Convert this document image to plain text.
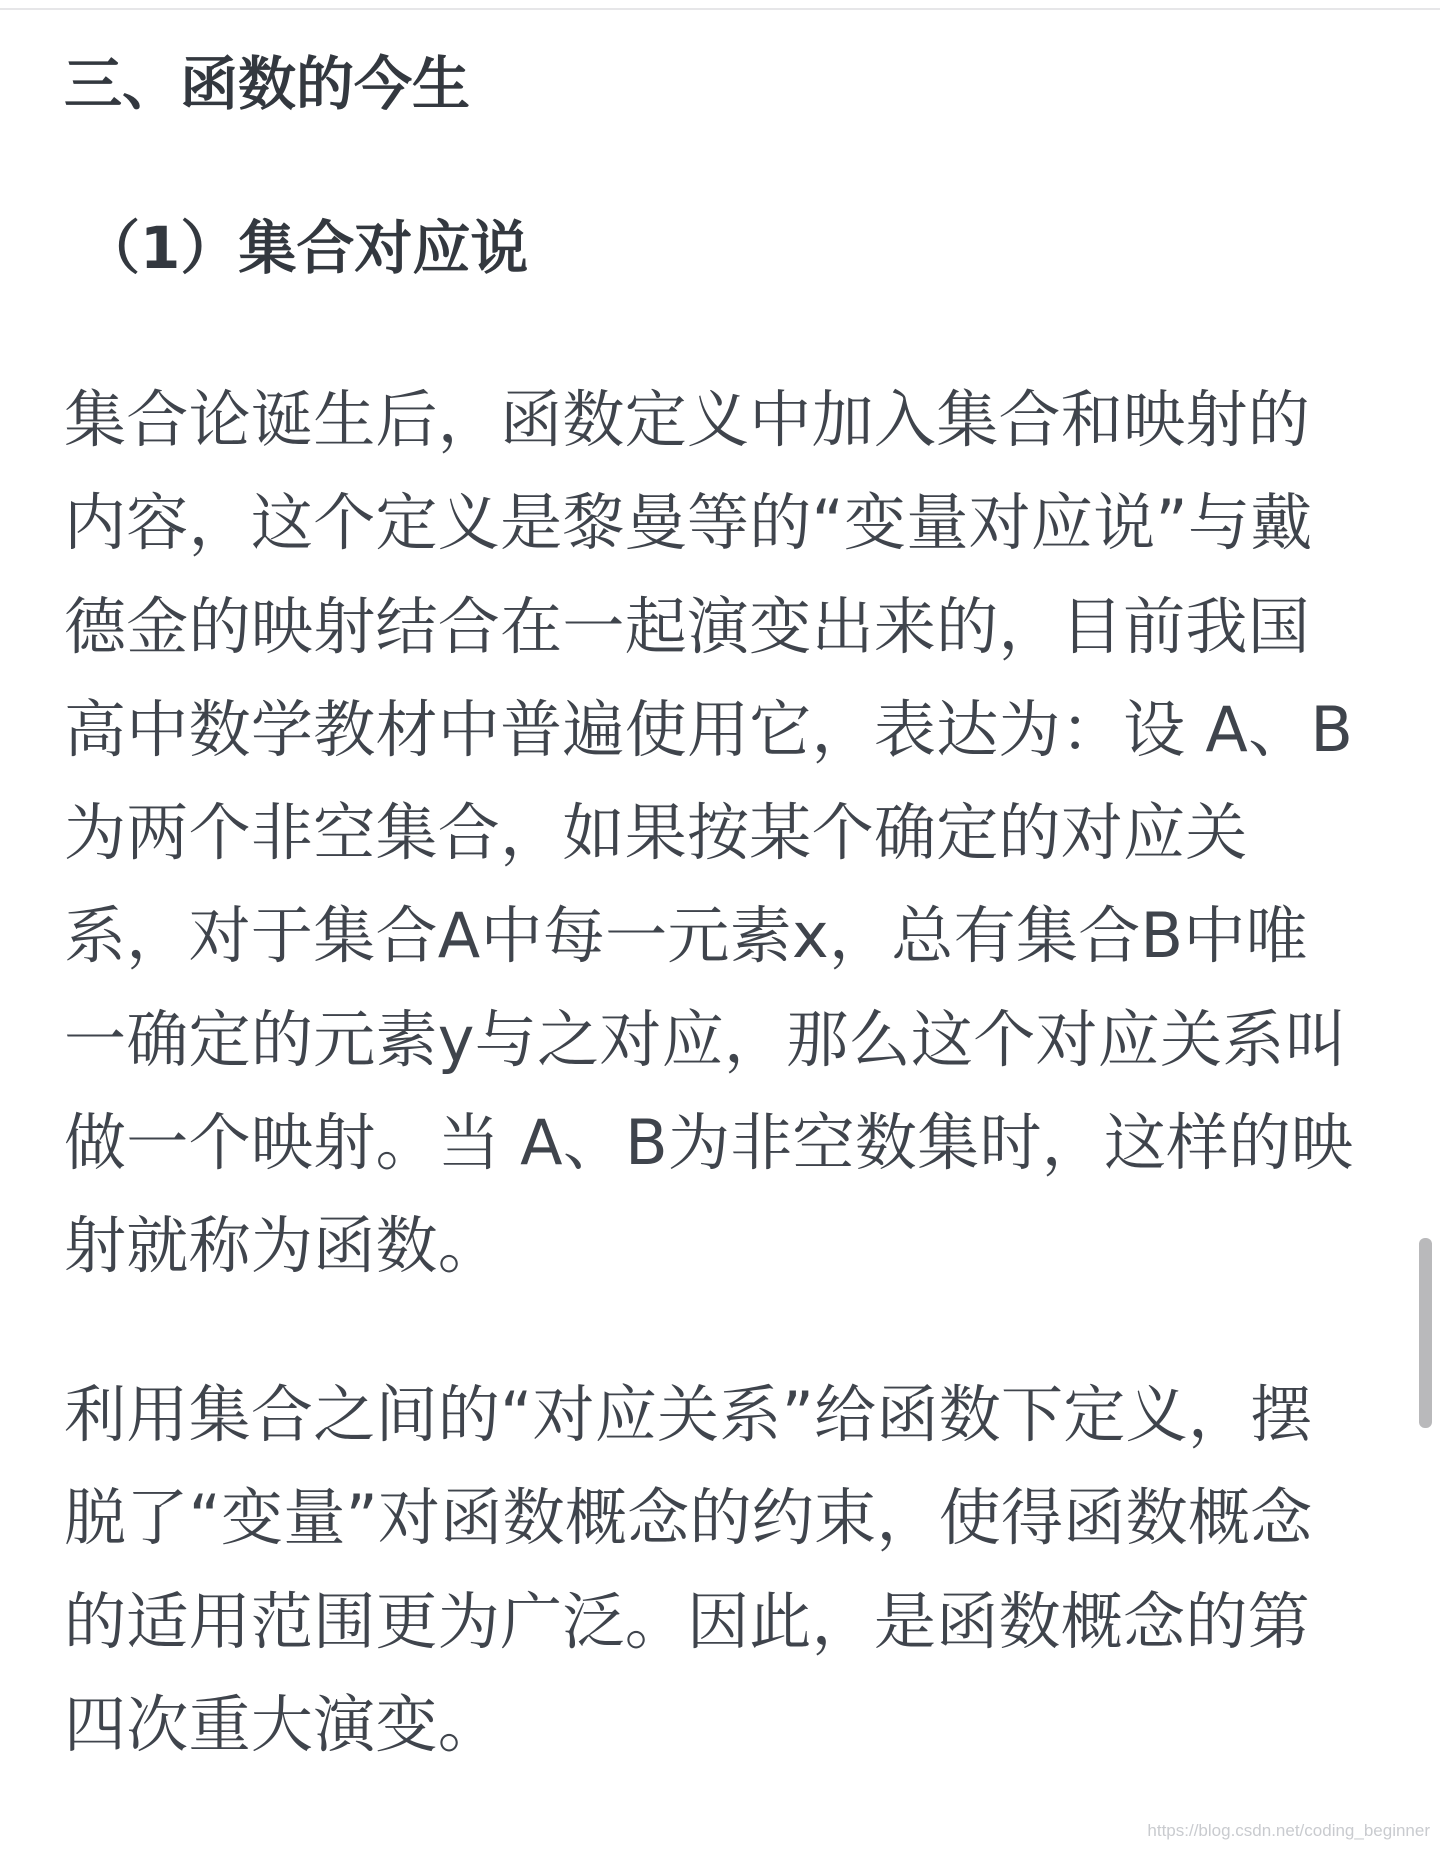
三、函数的今生
（1）集合对应说

集合论诞生后，函数定义中加入集合和映射的
内容，这个定义是黎曼等的“变量对应说”与戴
德金的映射结合在一起演变出来的，目前我国
高中数学教材中普遍使用它，表达为：设 A、B
为两个非空集合，如果按某个确定的对应关
系，对于集合A中每一元素x，总有集合B中唯
一确定的元素y与之对应，那么这个对应关系叫
做一个映射。当 A、B为非空数集时，这样的映
射就称为函数。

利用集合之间的“对应关系”给函数下定义，摆
脱了“变量”对函数概念的约束，使得函数概念
的适用范围更为广泛。因此，是函数概念的第
四次重大演变。

https://blog.csdn.net/coding_beginner
